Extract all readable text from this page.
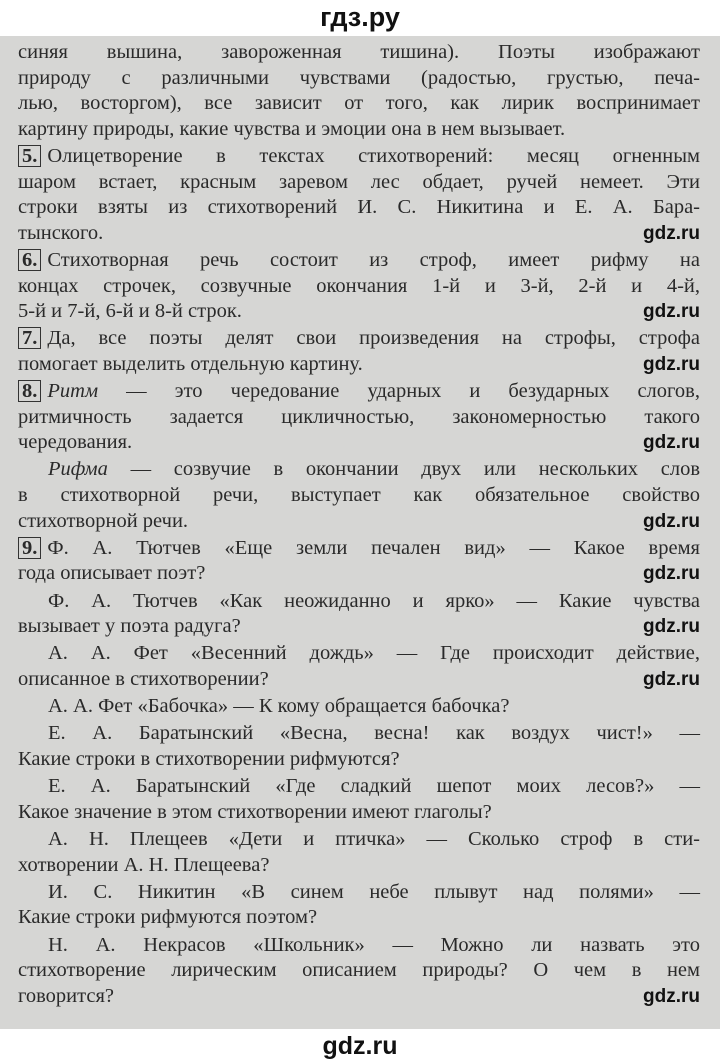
гдз.ру
синяя вышина, завороженная тишина). Поэты изображают
природу с различными чувствами (радостью, грустью, печа-
лью, восторгом), все зависит от того, как лирик воспринимает
картину природы, какие чувства и эмоции она в нем вызывает.
5. Олицетворение в текстах стихотворений: месяц огненным
шаром встает, красным заревом лес обдает, ручей немеет. Эти
строки взяты из стихотворений И. С. Никитина и Е. А. Бара-
тынского.	gdz.ru
6. Стихотворная речь состоит из строф, имеет рифму на
концах строчек, созвучные окончания 1-й и 3-й, 2-й и 4-й,
5-й и 7-й, 6-й и 8-й строк.	gdz.ru
7. Да, все поэты делят свои произведения на строфы, строфа
помогает выделить отдельную картину.	gdz.ru
8. Ритм — это чередование ударных и безударных слогов,
ритмичность задается цикличностью, закономерностью такого
чередования.	gdz.ru
Рифма — созвучие в окончании двух или нескольких слов
в стихотворной речи, выступает как обязательное свойство
стихотворной речи.	gdz.ru
9. Ф. А. Тютчев «Еще земли печален вид» — Какое время
года описывает поэт?	gdz.ru
Ф. А. Тютчев «Как неожиданно и ярко» — Какие чувства
вызывает у поэта радуга?	gdz.ru
А. А. Фет «Весенний дождь» — Где происходит действие,
описанное в стихотворении?	gdz.ru
А. А. Фет «Бабочка» — К кому обращается бабочка?
Е. А. Баратынский «Весна, весна! как воздух чист!» —
Какие строки в стихотворении рифмуются?
Е. А. Баратынский «Где сладкий шепот моих лесов?» —
Какое значение в этом стихотворении имеют глаголы?
А. Н. Плещеев «Дети и птичка» — Сколько строф в сти-
хотворении А. Н. Плещеева?
И. С. Никитин «В синем небе плывут над полями» —
Какие строки рифмуются поэтом?
Н. А. Некрасов «Школьник» — Можно ли назвать это
стихотворение лирическим описанием природы? О чем в нем
говорится?	gdz.ru
gdz.ru
